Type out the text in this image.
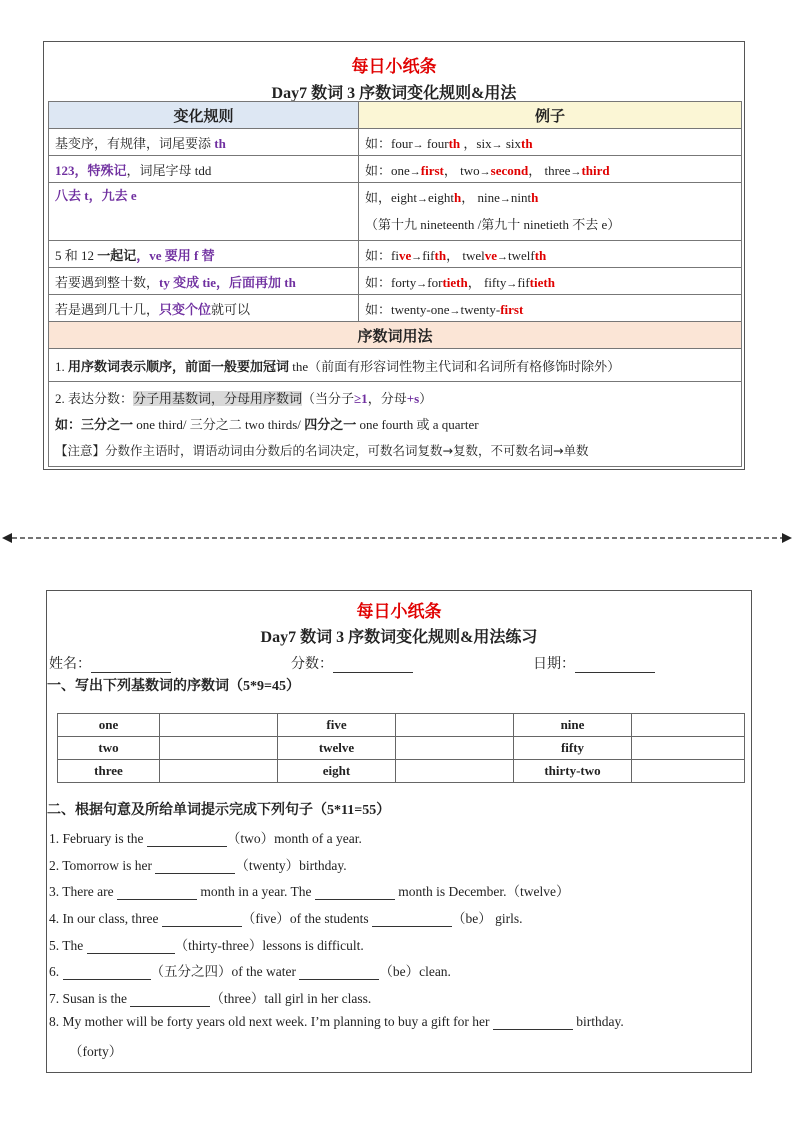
每日小纸条
Day7 数词 3 序数词变化规则&用法
变化规则	例子
基变序，有规律，词尾要添 th	如：four→ fourth ，six→ sixth
123，特殊记，词尾字母 tdd	如：one→first， two→second， three→third
八去 t，九去 e	如，eight→eighth， nine→ninth
（第十九 nineteenth /第九十 ninetieth 不去 e）
5 和 12 一起记，ve 要用 f 替	如：five→fifth， twelve→twelfth
若要遇到整十数，ty 变成 tie，后面再加 th	如：forty→fortieth， fifty→fiftieth
若是遇到几十几，只变个位就可以	如：twenty-one→twenty-first
序数词用法	
1. 用序数词表示顺序，前面一般要加冠词 the（前面有形容词性物主代词和名词所有格修饰时除外）	
2. 表达分数：分子用基数词，分母用序数词（当分子≥1，分母+s）
如：三分之一 one third/ 三分之二 two thirds/ 四分之一 one fourth 或 a quarter
【注意】分数作主语时，谓语动词由分数后的名词决定，可数名词复数→复数，不可数名词→单数	
每日小纸条
Day7 数词 3 序数词变化规则&用法练习
姓名：	分数：	日期：
一、写出下列基数词的序数词（5*9=45）
one		five		nine	
two		twelve		fifty	
three		eight		thirty-two	
二、根据句意及所给单词提示完成下列句子（5*11=55）
1. February is the	（two）month of a year.
2. Tomorrow is her	（twenty）birthday.
3. There are	month in a year. The	month is December.（twelve）
4. In our class, three	（five）of the students	（be） girls.
5. The	（thirty-three）lessons is difficult.
6.	（五分之四）of the water	（be）clean.
7. Susan is the	（three）tall girl in her class.
8. My mother will be forty years old next week. I’m planning to buy a gift for her	birthday.
（forty）
